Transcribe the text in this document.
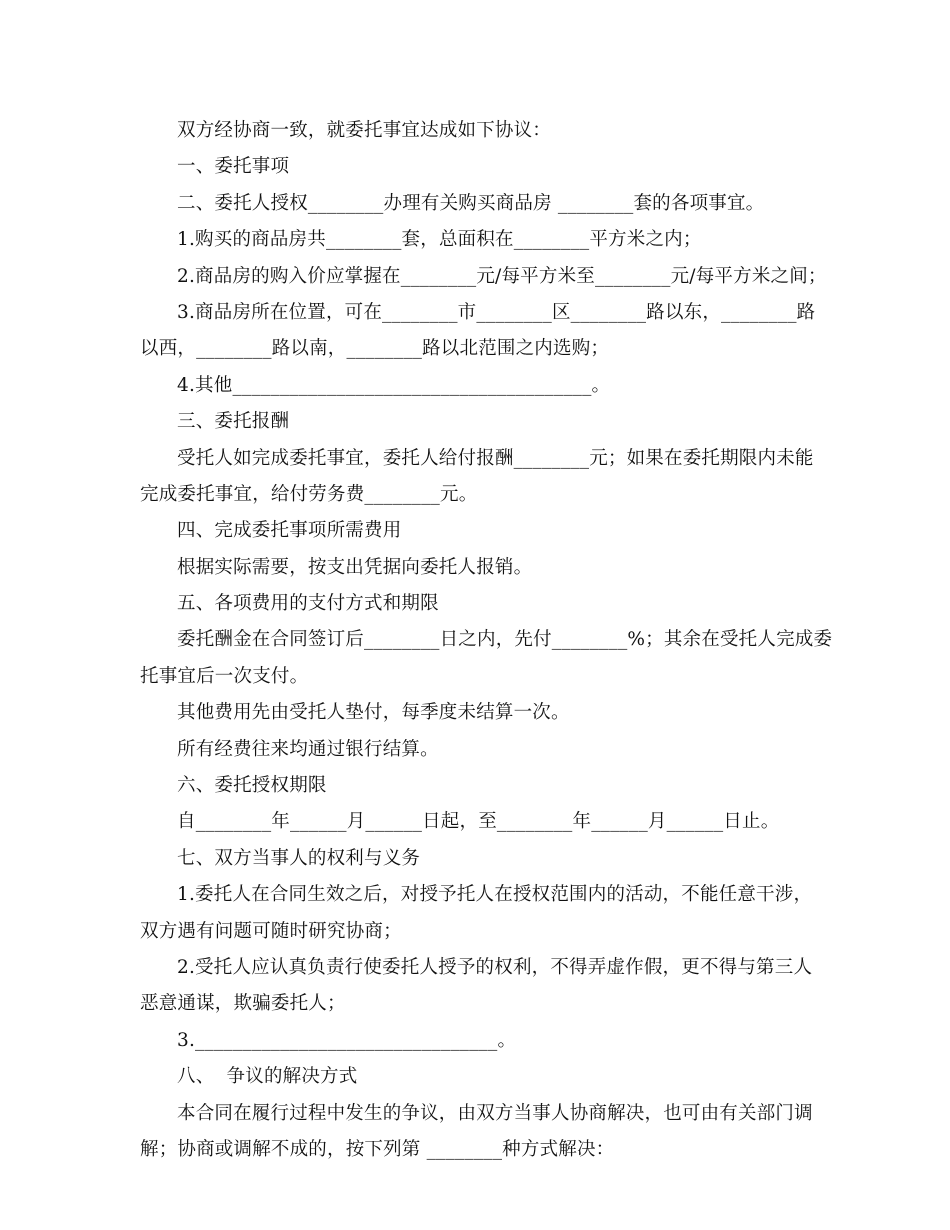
双方经协商一致，就委托事宜达成如下协议：
一、委托事项
二、委托人授权________办理有关购买商品房 ________套的各项事宜。
1.购买的商品房共________套，总面积在________平方米之内；
2.商品房的购入价应掌握在________元/每平方米至________元/每平方米之间；
3.商品房所在位置，可在________市________区________路以东，________路
以西，________路以南，________路以北范围之内选购；
4.其他______________________________________。
三、委托报酬
受托人如完成委托事宜，委托人给付报酬________元；如果在委托期限内未能
完成委托事宜，给付劳务费________元。
四、完成委托事项所需费用
根据实际需要，按支出凭据向委托人报销。
五、各项费用的支付方式和期限
委托酬金在合同签订后________日之内，先付________%；其余在受托人完成委
托事宜后一次支付。
其他费用先由受托人垫付，每季度未结算一次。
所有经费往来均通过银行结算。
六、委托授权期限
自________年______月______日起，至________年______月______日止。
七、双方当事人的权利与义务
1.委托人在合同生效之后，对授予托人在授权范围内的活动，不能任意干涉，
双方遇有问题可随时研究协商；
2.受托人应认真负责行使委托人授予的权利，不得弄虚作假，更不得与第三人
恶意通谋，欺骗委托人；
3.________________________________。
八、  争议的解决方式
本合同在履行过程中发生的争议，由双方当事人协商解决，也可由有关部门调
解；协商或调解不成的，按下列第 ________种方式解决：
